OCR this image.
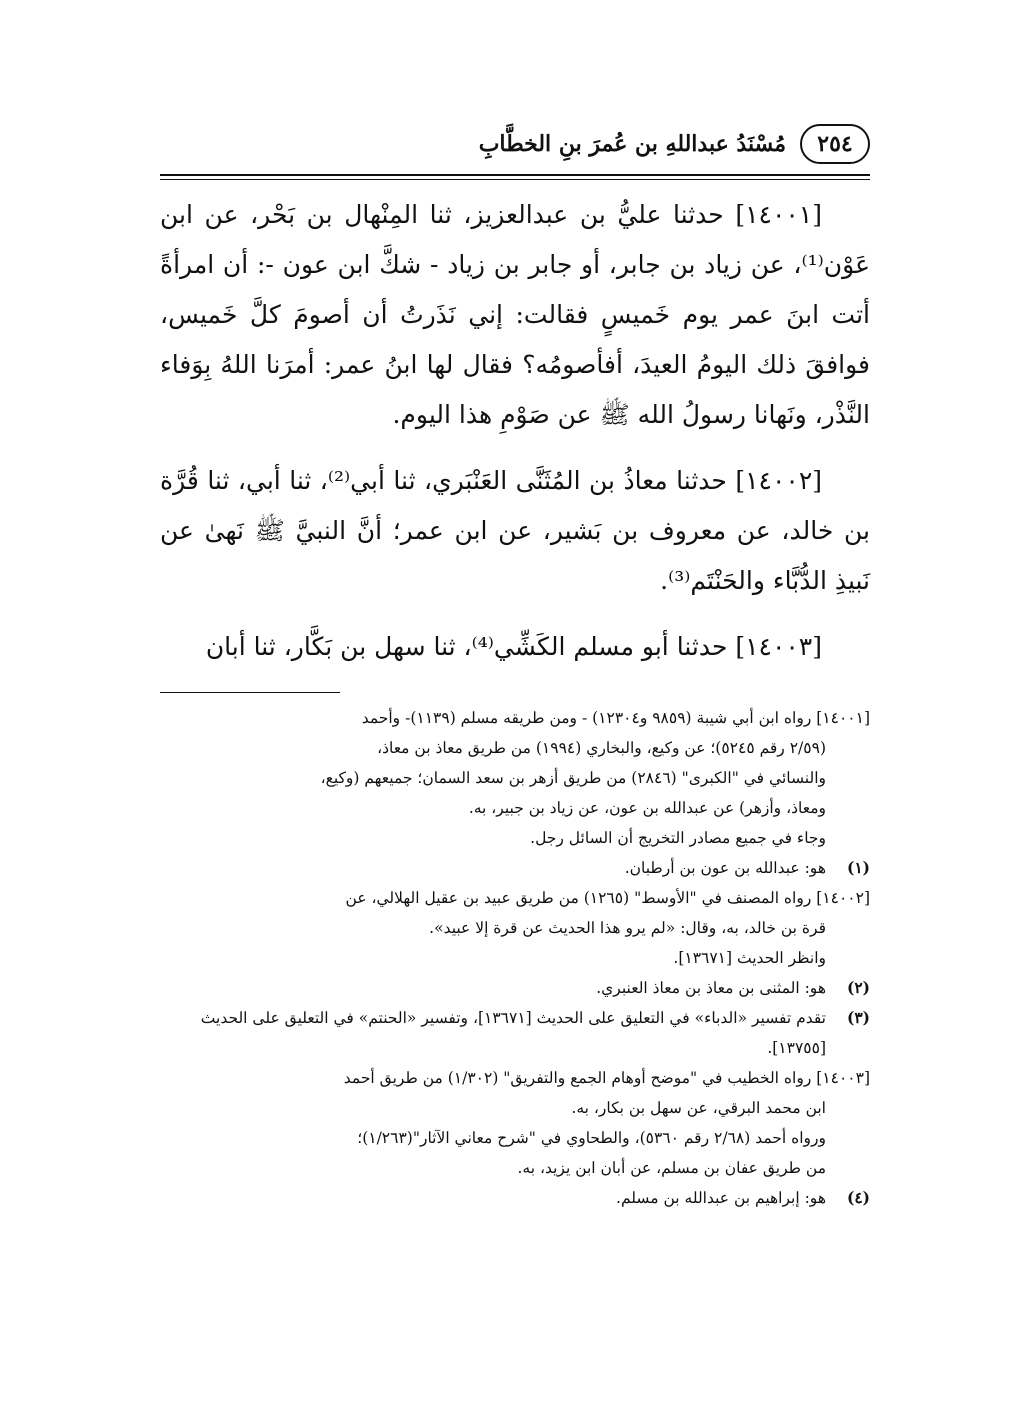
٢٥٤
مُسْنَدُ عبداللهِ بن عُمرَ بنِ الخطَّابِ

[١٤٠٠١] حدثنا عليُّ بن عبدالعزيز، ثنا المِنْهال بن بَحْر، عن ابن عَوْن⁽¹⁾، عن زياد بن جابر، أو جابر بن زياد - شكَّ ابن عون -: أن امرأةً أتت ابنَ عمر يوم خَميسٍ فقالت: إني نَذَرتُ أن أصومَ كلَّ خَميس، فوافقَ ذلك اليومُ العيدَ، أفأصومُه؟ فقال لها ابنُ عمر: أمرَنا اللهُ بِوَفاء النَّذْر، ونَهانا رسولُ الله ﷺ عن صَوْمِ هذا اليوم.

[١٤٠٠٢] حدثنا معاذُ بن المُثَنَّى العَنْبَري، ثنا أبي⁽²⁾، ثنا أبي، ثنا قُرَّة بن خالد، عن معروف بن بَشير، عن ابن عمر؛ أنَّ النبيَّ ﷺ نَهىٰ عن نَبيذِ الدُّبَّاء والحَنْتَم⁽³⁾.

[١٤٠٠٣] حدثنا أبو مسلم الكَشِّي⁽⁴⁾، ثنا سهل بن بَكَّار، ثنا أبان

[١٤٠٠١] رواه ابن أبي شيبة (٩٨٥٩ و١٢٣٠٤) - ومن طريقه مسلم (١١٣٩)- وأحمد
(٢/٥٩ رقم ٥٢٤٥)؛ عن وكيع، والبخاري (١٩٩٤) من طريق معاذ بن معاذ،
والنسائي في "الكبرى" (٢٨٤٦) من طريق أزهر بن سعد السمان؛ جميعهم (وكيع،
ومعاذ، وأزهر) عن عبدالله بن عون، عن زياد بن جبير، به.
وجاء في جميع مصادر التخريج أن السائل رجل.
(١)
هو: عبدالله بن عون بن أرطبان.
[١٤٠٠٢] رواه المصنف في "الأوسط" (١٢٦٥) من طريق عبيد بن عقيل الهلالي، عن
قرة بن خالد، به، وقال: «لم يرو هذا الحديث عن قرة إلا عبيد».
وانظر الحديث [١٣٦٧١].
(٢)
هو: المثنى بن معاذ بن معاذ العنبري.
(٣)
تقدم تفسير «الدباء» في التعليق على الحديث [١٣٦٧١]، وتفسير «الحنتم» في التعليق على الحديث [١٣٧٥٥].
[١٤٠٠٣] رواه الخطيب في "موضح أوهام الجمع والتفريق" (١/٣٠٢) من طريق أحمد
ابن محمد البرقي، عن سهل بن بكار، به.
ورواه أحمد (٢/٦٨ رقم ٥٣٦٠)، والطحاوي في "شرح معاني الآثار"(١/٢٦٣)؛
من طريق عفان بن مسلم، عن أبان ابن يزيد، به.
(٤)
هو: إبراهيم بن عبدالله بن مسلم.
